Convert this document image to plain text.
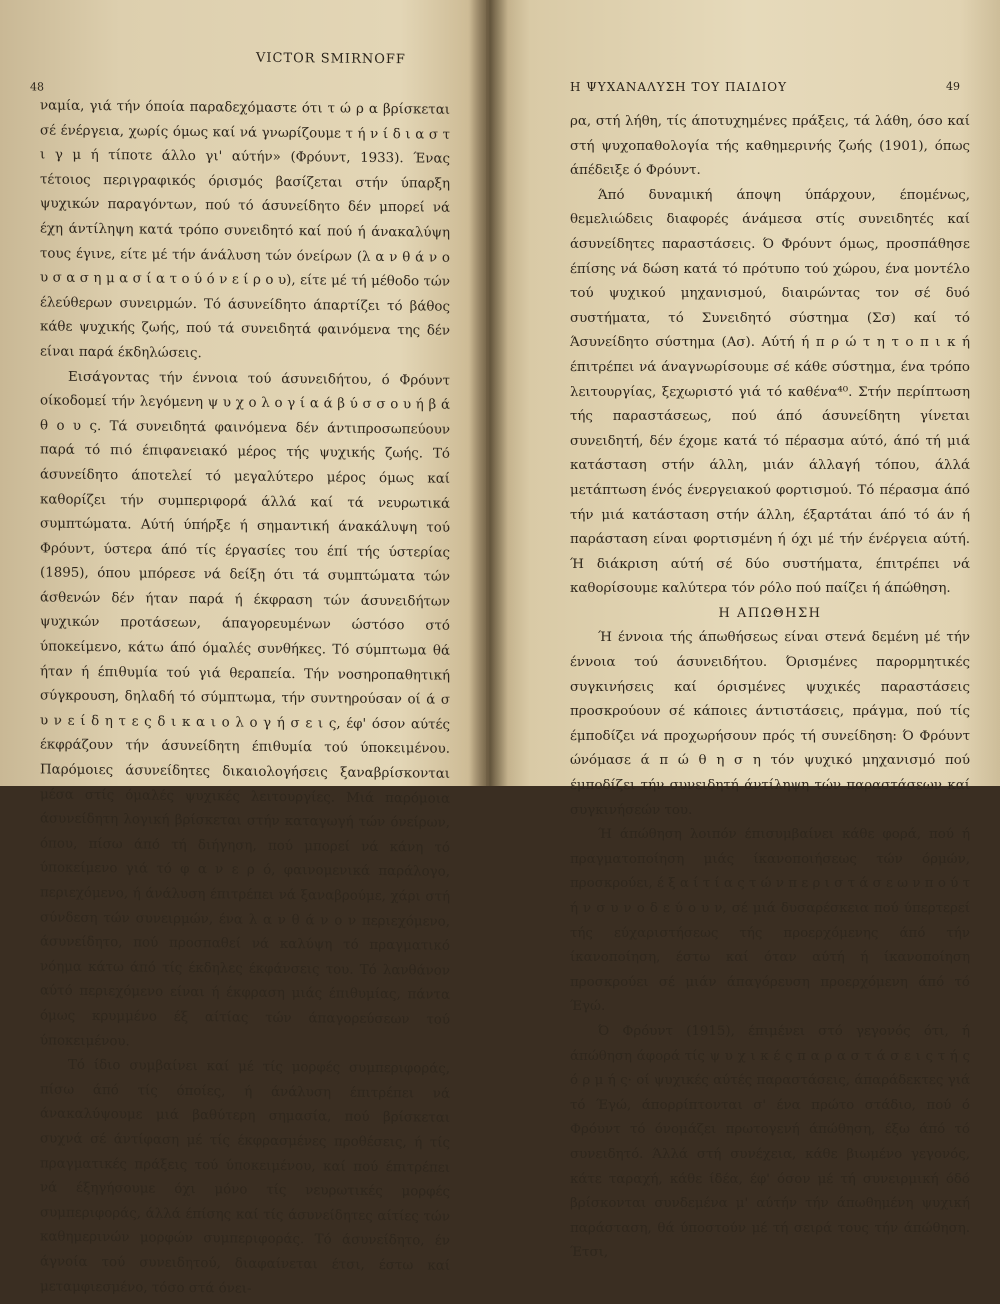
VICTOR SMIRNOFF
48

ναμία, γιά τήν όποία παραδεχόμαστε ότι τ ώ ρ α βρίσκεται σέ ένέργεια, χωρίς όμως καί νά γνωρίζουμε τ ή ν ί δ ι α σ τ ι γ μ ή τίποτε άλλο γι' αύτήν» (Φρόυντ, 1933). Ένας τέτοιος περιγραφικός όρισμός βασίζεται στήν ύπαρξη ψυχικών παραγόντων, πού τό άσυνείδητο δέν μπορεί νά έχη άντίληψη κατά τρόπο συνειδητό καί πού ή άνακαλύψη τους έγινε, είτε μέ τήν άνάλυση τών όνείρων (λ α ν θ ά ν ο υ σ α σ η μ α σ ί α τ ο ύ ό ν ε ί ρ ο υ), είτε μέ τή μέθοδο τών έλεύθερων συνειρμών. Τό άσυνείδητο άπαρτίζει τό βάθος κάθε ψυχικής ζωής, πού τά συνειδητά φαινόμενα της δέν είναι παρά έκδηλώσεις.

Εισάγοντας τήν έννοια τού άσυνειδήτου, ό Φρόυντ οίκοδομεί τήν λεγόμενη ψ υ χ ο λ ο γ ί α ά β ύ σ σ ο υ ή β ά θ ο υ ς. Τά συνειδητά φαινόμενα δέν άντιπροσωπεύουν παρά τό πιό έπιφανειακό μέρος τής ψυχικής ζωής. Τό άσυνείδητο άποτελεί τό μεγαλύτερο μέρος όμως καί καθορίζει τήν συμπεριφορά άλλά καί τά νευρωτικά συμπτώματα. Αύτή ύπήρξε ή σημαντική άνακάλυψη τού Φρόυντ, ύστερα άπό τίς έργασίες του έπί τής ύστερίας (1895), όπου μπόρεσε νά δείξη ότι τά συμπτώματα τών άσθενών δέν ήταν παρά ή έκφραση τών άσυνειδήτων ψυχικών προτάσεων, άπαγορευμένων ώστόσο στό ύποκείμενο, κάτω άπό όμαλές συνθήκες. Τό σύμπτωμα θά ήταν ή έπιθυμία τού γιά θεραπεία. Τήν νοσηροπαθητική σύγκρουση, δηλαδή τό σύμπτωμα, τήν συντηρούσαν οί ά σ υ ν ε ί δ η τ ε ς δ ι κ α ι ο λ ο γ ή σ ε ι ς, έφ' όσον αύτές έκφράζουν τήν άσυνείδητη έπιθυμία τού ύποκειμένου. Παρόμοιες άσυνείδητες δικαιολογήσεις ξαναβρίσκονται μέσα στίς όμαλές ψυχικές λειτουργίες. Μιά παρόμοια άσυνείδητη λογική βρίσκεται στήν καταγωγή τών όνείρων, όπου, πίσω άπό τή διήγηση, πού μπορεί νά κάνη τό ύποκείμενο γιά τό φ α ν ε ρ ό, φαινομενικά παράλογο, περιεχόμενο, ή άνάλυση έπιτρέπει νά ξαναβρούμε, χάρι στή σύνδεση τών συνειρμών, ένα λ α ν θ ά ν ο ν περιεχόμενο, άσυνείδητο, πού προσπαθεί νά καλύψη τό πραγματικό νόημα κάτω άπό τίς έκδηλες έκφάνσεις του. Τό λανθάνον αύτό περιεχόμενο είναι ή έκφραση μιάς έπιθυμίας, πάντα όμως κρυμμένο έξ αίτίας τών άπαγορεύσεων τού ύποκειμένου.

Τό ίδιο συμβαίνει καί μέ τίς μορφές συμπεριφοράς, πίσω άπό τίς όποίες, ή άνάλυση έπιτρέπει νά άνακαλύψουμε μιά βαθύτερη σημασία, πού βρίσκεται συχνά σέ άντίφαση μέ τίς έκφρασμένες προθέσεις, ή τίς πραγματικές πράξεις τού ύποκειμένου, καί πού έπιτρέπει νά έξηγήσουμε όχι μόνο τίς νευρωτικές μορφές συμπεριφοράς, άλλά έπίσης καί τίς άσυνείδητες αίτίες τών καθημερινών μορφών συμπεριφοράς. Τό άσυνείδητο, έν άγνοία τού συνειδητού, διαφαίνεται έτσι, έστω καί μεταμφιεσμένο, τόσο στά όνει-

Η ΨΥΧΑΝΑΛΥΣΗ ΤΟΥ ΠΑΙΔΙΟΥ	49

ρα, στή λήθη, τίς άποτυχημένες πράξεις, τά λάθη, όσο καί στή ψυχοπαθολογία τής καθημερινής ζωής (1901), όπως άπέδειξε ό Φρόυντ.

Άπό δυναμική άποψη ύπάρχουν, έπομένως, θεμελιώδεις διαφορές άνάμεσα στίς συνειδητές καί άσυνείδητες παραστάσεις. Ό Φρόυντ όμως, προσπάθησε έπίσης νά δώση κατά τό πρότυπο τού χώρου, ένα μοντέλο τού ψυχικού μηχανισμού, διαιρώντας τον σέ δυό συστήματα, τό Συνειδητό σύστημα (Σσ) καί τό Άσυνείδητο σύστημα (Ασ). Αύτή ή π ρ ώ τ η τ ο π ι κ ή έπιτρέπει νά άναγνωρίσουμε σέ κάθε σύστημα, ένα τρόπο λειτουργίας, ξεχωριστό γιά τό καθένα⁴⁰. Στήν περίπτωση τής παραστάσεως, πού άπό άσυνείδητη γίνεται συνειδητή, δέν έχομε κατά τό πέρασμα αύτό, άπό τή μιά κατάσταση στήν άλλη, μιάν άλλαγή τόπου, άλλά μετάπτωση ένός ένεργειακού φορτισμού. Τό πέρασμα άπό τήν μιά κατάσταση στήν άλλη, έξαρτάται άπό τό άν ή παράσταση είναι φορτισμένη ή όχι μέ τήν ένέργεια αύτή. Ή διάκριση αύτή σέ δύο συστήματα, έπιτρέπει νά καθορίσουμε καλύτερα τόν ρόλο πού παίζει ή άπώθηση.

Η ΑΠΩΘΗΣΗ

Ή έννοια τής άπωθήσεως είναι στενά δεμένη μέ τήν έννοια τού άσυνειδήτου. Όρισμένες παρορμητικές συγκινήσεις καί όρισμένες ψυχικές παραστάσεις προσκρούουν σέ κάποιες άντιστάσεις, πράγμα, πού τίς έμποδίζει νά προχωρήσουν πρός τή συνείδηση: Ό Φρόυντ ώνόμασε ά π ώ θ η σ η τόν ψυχικό μηχανισμό πού έμποδίζει τήν συνειδητή άντίληψη τών παραστάσεων καί συγκινήσεών του.

Ή άπώθηση λοιπόν έπισυμβαίνει κάθε φορά, πού ή πραγματοποίηση μιάς ίκανοποιήσεως τών όρμών, προσκρούει, έ ξ α ί τ ί α ς τ ώ ν π ε ρ ι σ τ ά σ ε ω ν π ο ύ τ ή ν σ υ ν ο δ ε ύ ο υ ν, σέ μιά δυσαρέσκεια πού ύπερτερεί τής εύχαριστήσεως τής προερχόμενης άπό τήν ίκανοποίηση, έστω καί όταν αύτή ή ίκανοποίηση προσκρούει σέ μιάν άπαγόρευση προερχόμενη άπό τό Έγώ.

Ό Φρόυντ (1915), έπιμένει στό γεγονός ότι, ή άπώθηση άφορά τίς ψ υ χ ι κ έ ς π α ρ α σ τ ά σ ε ι ς τ ή ς ό ρ μ ή ς· οί ψυχικές αύτές παραστάσεις, άπαράδεκτες γιά τό Έγώ, άπορρίπτονται σ' ένα πρώτο στάδιο, πού ό Φρόυντ τό όνομάζει πρωτογενή άπώθηση, έξω άπό τό συνειδητό. Άλλά στή συνέχεια, κάθε βιωμένο γεγονός, κάτε ταραχή, κάθε ίδέα, έφ' όσον μέ τή συνειρμική όδό βρίσκονται συνδεμένα μ' αύτήν τήν άπωθημένη ψυχική παράσταση, θά ύποστούν μέ τή σειρά τους τήν άπώθηση. Έτσι,
